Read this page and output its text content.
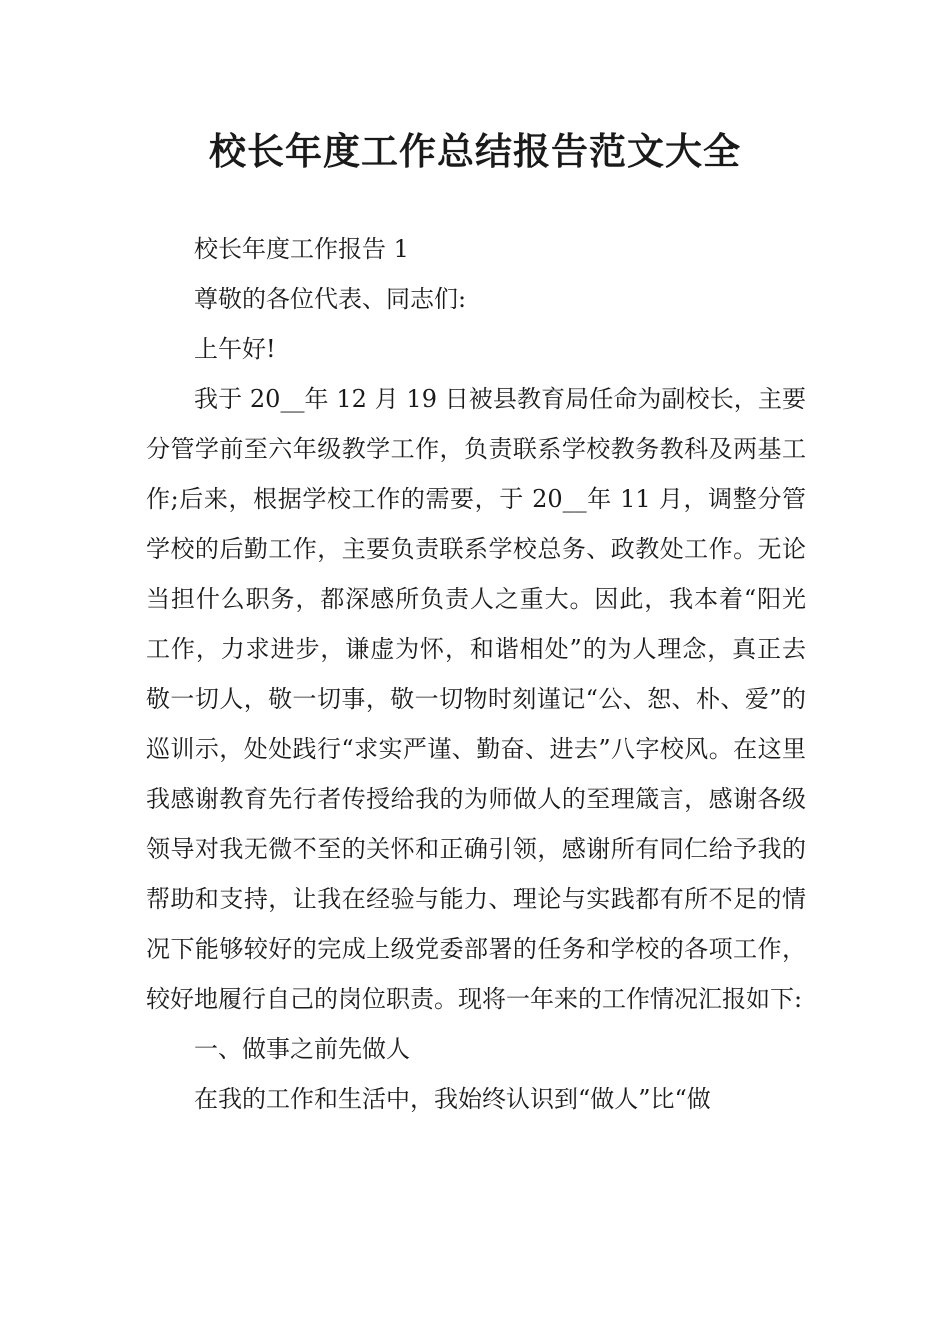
校长年度工作总结报告范文大全

校长年度工作报告 1

尊敬的各位代表、同志们:

上午好!

我于 20__年 12 月 19 日被县教育局任命为副校长，主要分管学前至六年级教学工作，负责联系学校教务教科及两基工作;后来，根据学校工作的需要，于 20__年 11 月，调整分管学校的后勤工作，主要负责联系学校总务、政教处工作。无论当担什么职务，都深感所负责人之重大。因此，我本着“阳光工作，力求进步，谦虚为怀，和谐相处”的为人理念，真正去敬一切人，敬一切事，敬一切物时刻谨记“公、恕、朴、爱”的巡训示，处处践行“求实严谨、勤奋、进去”八字校风。在这里我感谢教育先行者传授给我的为师做人的至理箴言，感谢各级领导对我无微不至的关怀和正确引领，感谢所有同仁给予我的帮助和支持，让我在经验与能力、理论与实践都有所不足的情况下能够较好的完成上级党委部署的任务和学校的各项工作，较好地履行自己的岗位职责。现将一年来的工作情况汇报如下:

一、做事之前先做人

在我的工作和生活中，我始终认识到“做人”比“做
